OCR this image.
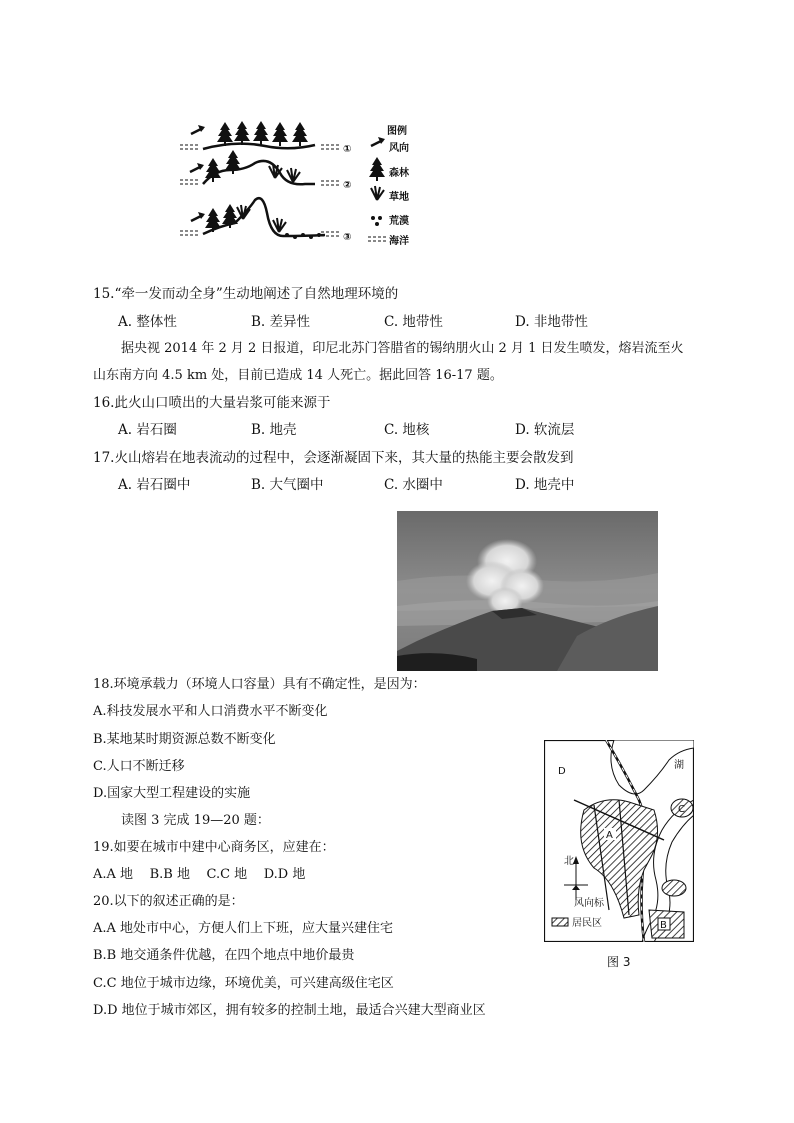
①
②
③
图例
风向
森林
草地
荒漠
海洋
15.“牵一发而动全身”生动地阐述了自然地理环境的
A. 整体性	B. 差异性	C. 地带性	D. 非地带性
据央视 2014 年 2 月 2 日报道，印尼北苏门答腊省的锡纳朋火山 2 月 1 日发生喷发，熔岩流至火
山东南方向 4.5 km 处，目前已造成 14 人死亡。据此回答 16-17 题。
16.此火山口喷出的大量岩浆可能来源于
A. 岩石圈	B. 地壳	C. 地核	D. 软流层
17.火山熔岩在地表流动的过程中，会逐渐凝固下来，其大量的热能主要会散发到
A. 岩石圈中	B. 大气圈中	C. 水圈中	D. 地壳中
18.环境承载力（环境人口容量）具有不确定性，是因为：
A.科技发展水平和人口消费水平不断变化
B.某地某时期资源总数不断变化
C.人口不断迁移
D.国家大型工程建设的实施
读图 3 完成 19—20 题：
19.如要在城市中建中心商务区，应建在：
A.A 地    B.B 地    C.C 地    D.D 地
20.以下的叙述正确的是：
A.A 地处市中心，方便人们上下班，应大量兴建住宅
B.B 地交通条件优越，在四个地点中地价最贵
C.C 地位于城市边缘，环境优美，可兴建高级住宅区
D.D 地位于城市郊区，拥有较多的控制土地，最适合兴建大型商业区
D
湖
C
A
B
北
风向标
居民区
图 3
